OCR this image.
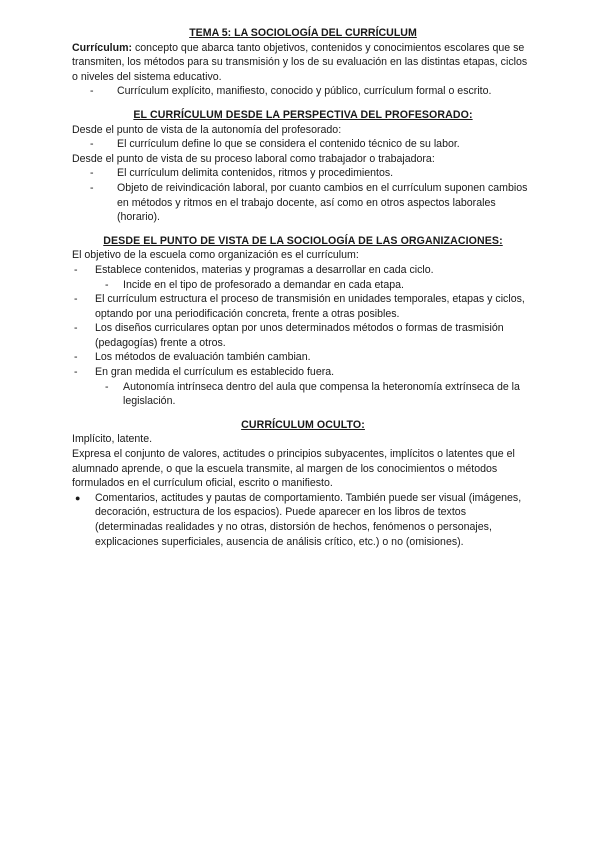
TEMA 5: LA SOCIOLOGÍA DEL CURRÍCULUM

Currículum: concepto que abarca tanto objetivos, contenidos y conocimientos escolares que se transmiten, los métodos para su transmisión y los de su evaluación en las distintas etapas, ciclos o niveles del sistema educativo.

- Currículum explícito, manifiesto, conocido y público, currículum formal o escrito.

EL CURRÍCULUM DESDE LA PERSPECTIVA DEL PROFESORADO:

Desde el punto de vista de la autonomía del profesorado:

- El currículum define lo que se considera el contenido técnico de su labor.

Desde el punto de vista de su proceso laboral como trabajador o trabajadora:

- El currículum delimita contenidos, ritmos y procedimientos.
- Objeto de reivindicación laboral, por cuanto cambios en el currículum suponen cambios en métodos y ritmos en el trabajo docente, así como en otros aspectos laborales (horario).

DESDE EL PUNTO DE VISTA DE LA SOCIOLOGÍA DE LAS ORGANIZACIONES:

El objetivo de la escuela como organización es el currículum:

- Establece contenidos, materias y programas a desarrollar en cada ciclo.
- Incide en el tipo de profesorado a demandar en cada etapa.
- El currículum estructura el proceso de transmisión en unidades temporales, etapas y ciclos, optando por una periodificación concreta, frente a otras posibles.
- Los diseños curriculares optan por unos determinados métodos o formas de trasmisión (pedagogías) frente a otros.
- Los métodos de evaluación también cambian.
- En gran medida el currículum es establecido fuera.
- Autonomía intrínseca dentro del aula que compensa la heteronomía extrínseca de la legislación.

CURRÍCULUM OCULTO:

Implícito, latente.

Expresa el conjunto de valores, actitudes o principios subyacentes, implícitos o latentes que el alumnado aprende, o que la escuela transmite, al margen de los conocimientos o métodos formulados en el currículum oficial, escrito o manifiesto.

● Comentarios, actitudes y pautas de comportamiento. También puede ser visual (imágenes, decoración, estructura de los espacios). Puede aparecer en los libros de textos (determinadas realidades y no otras, distorsión de hechos, fenómenos o personajes, explicaciones superficiales, ausencia de análisis crítico, etc.) o no (omisiones).
